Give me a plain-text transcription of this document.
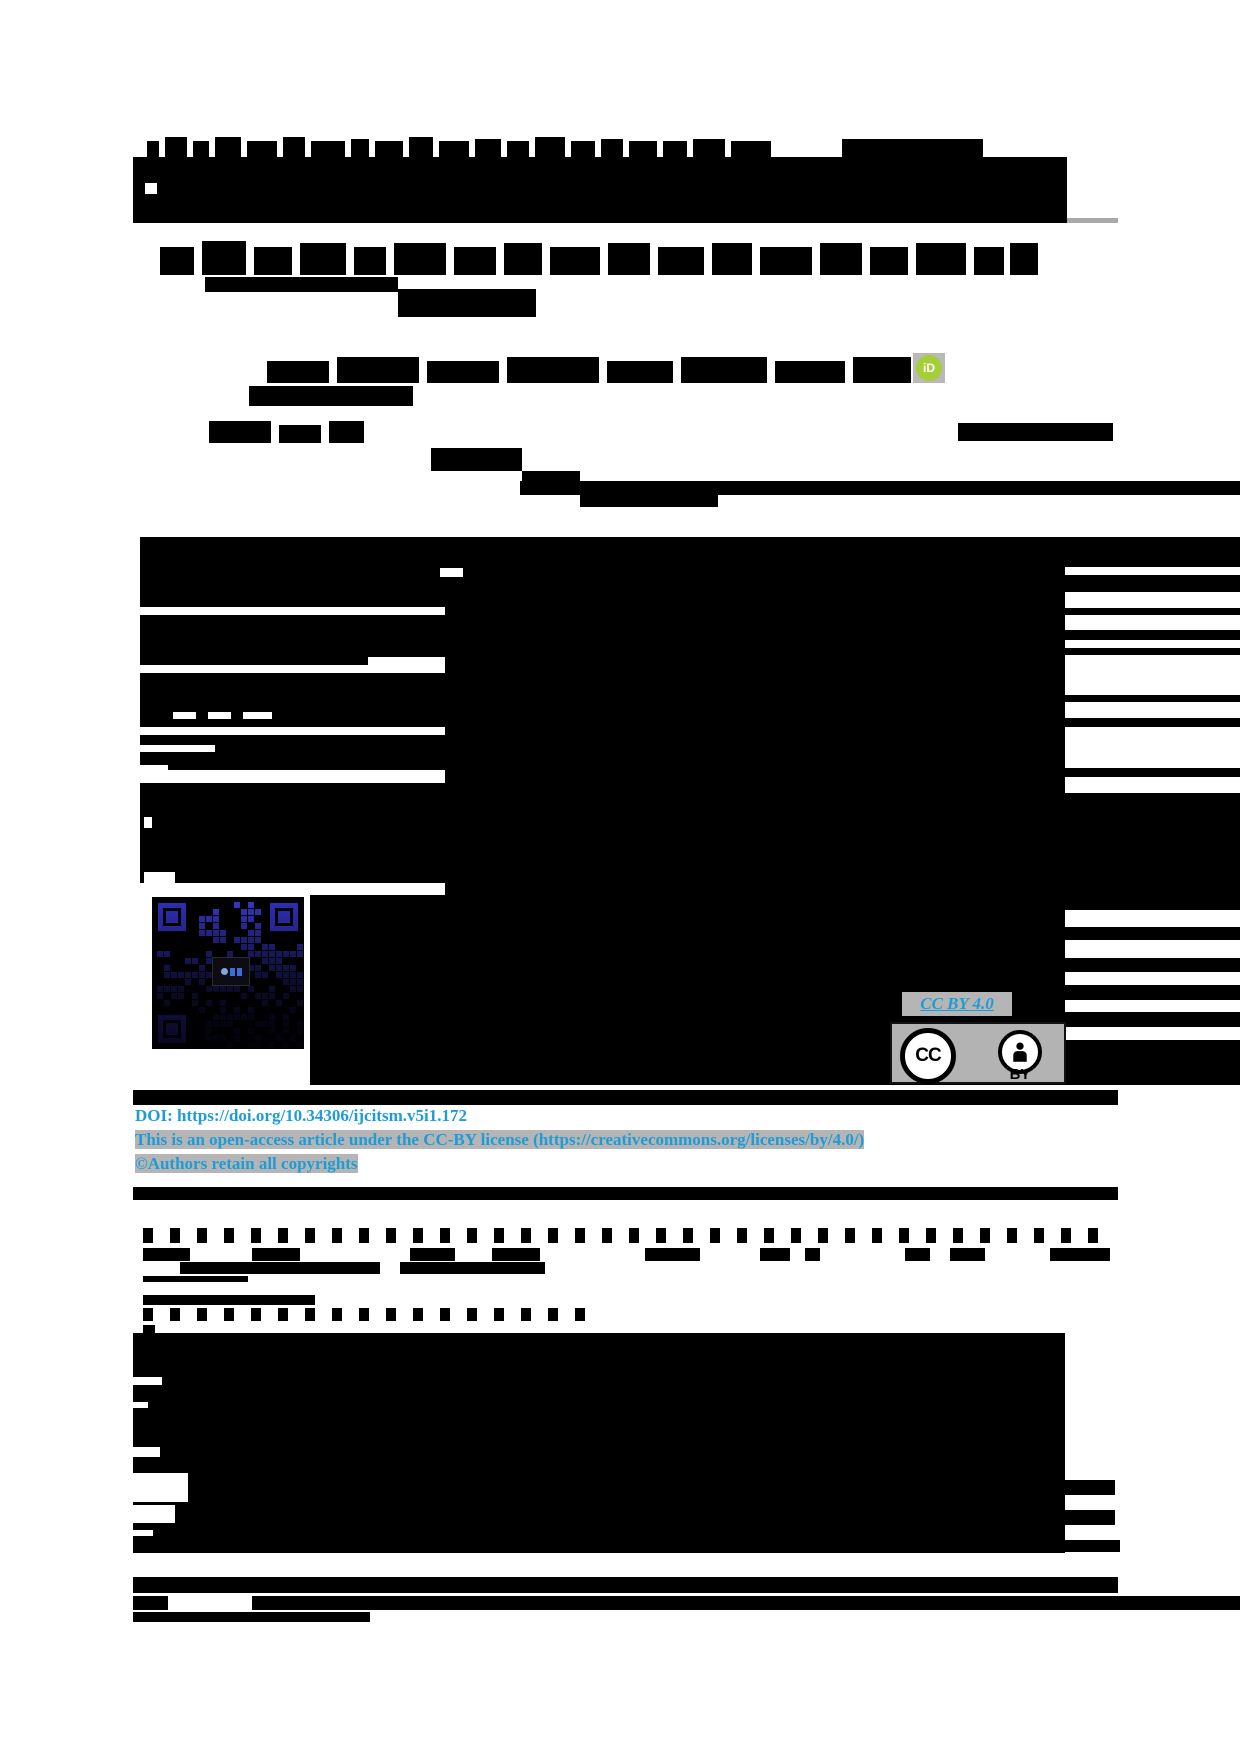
iD
CC BY 4.0
CC
BY
DOI: https://doi.org/10.34306/ijcitsm.v5i1.172
This is an open-access article under the CC-BY license (https://creativecommons.org/licenses/by/4.0/)
©Authors retain all copyrights
